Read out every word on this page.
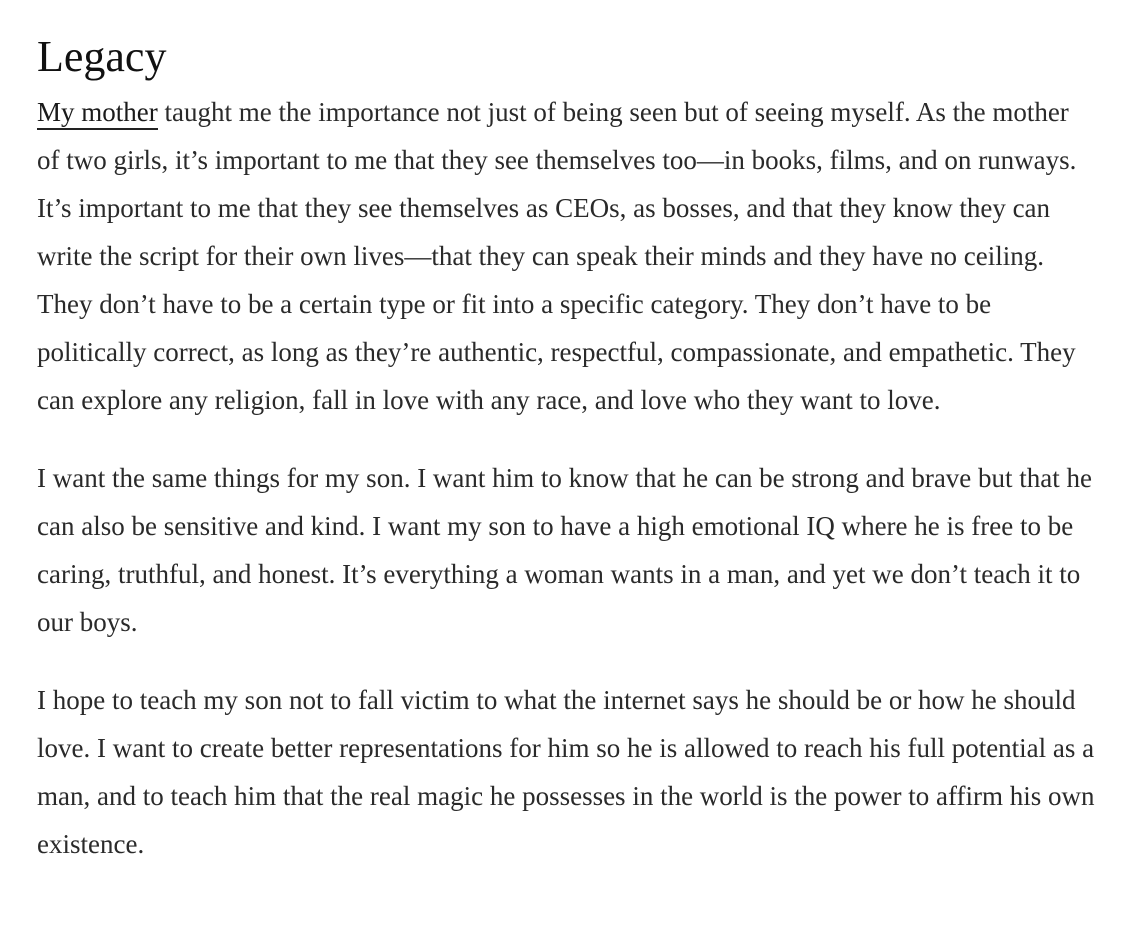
Legacy

My mother taught me the importance not just of being seen but of seeing myself. As the mother of two girls, it’s important to me that they see themselves too—in books, films, and on runways. It’s important to me that they see themselves as CEOs, as bosses, and that they know they can write the script for their own lives—that they can speak their minds and they have no ceiling. They don’t have to be a certain type or fit into a specific category. They don’t have to be politically correct, as long as they’re authentic, respectful, compassionate, and empathetic. They can explore any religion, fall in love with any race, and love who they want to love.

I want the same things for my son. I want him to know that he can be strong and brave but that he can also be sensitive and kind. I want my son to have a high emotional IQ where he is free to be caring, truthful, and honest. It’s everything a woman wants in a man, and yet we don’t teach it to our boys.

I hope to teach my son not to fall victim to what the internet says he should be or how he should love. I want to create better representations for him so he is allowed to reach his full potential as a man, and to teach him that the real magic he possesses in the world is the power to affirm his own existence.
